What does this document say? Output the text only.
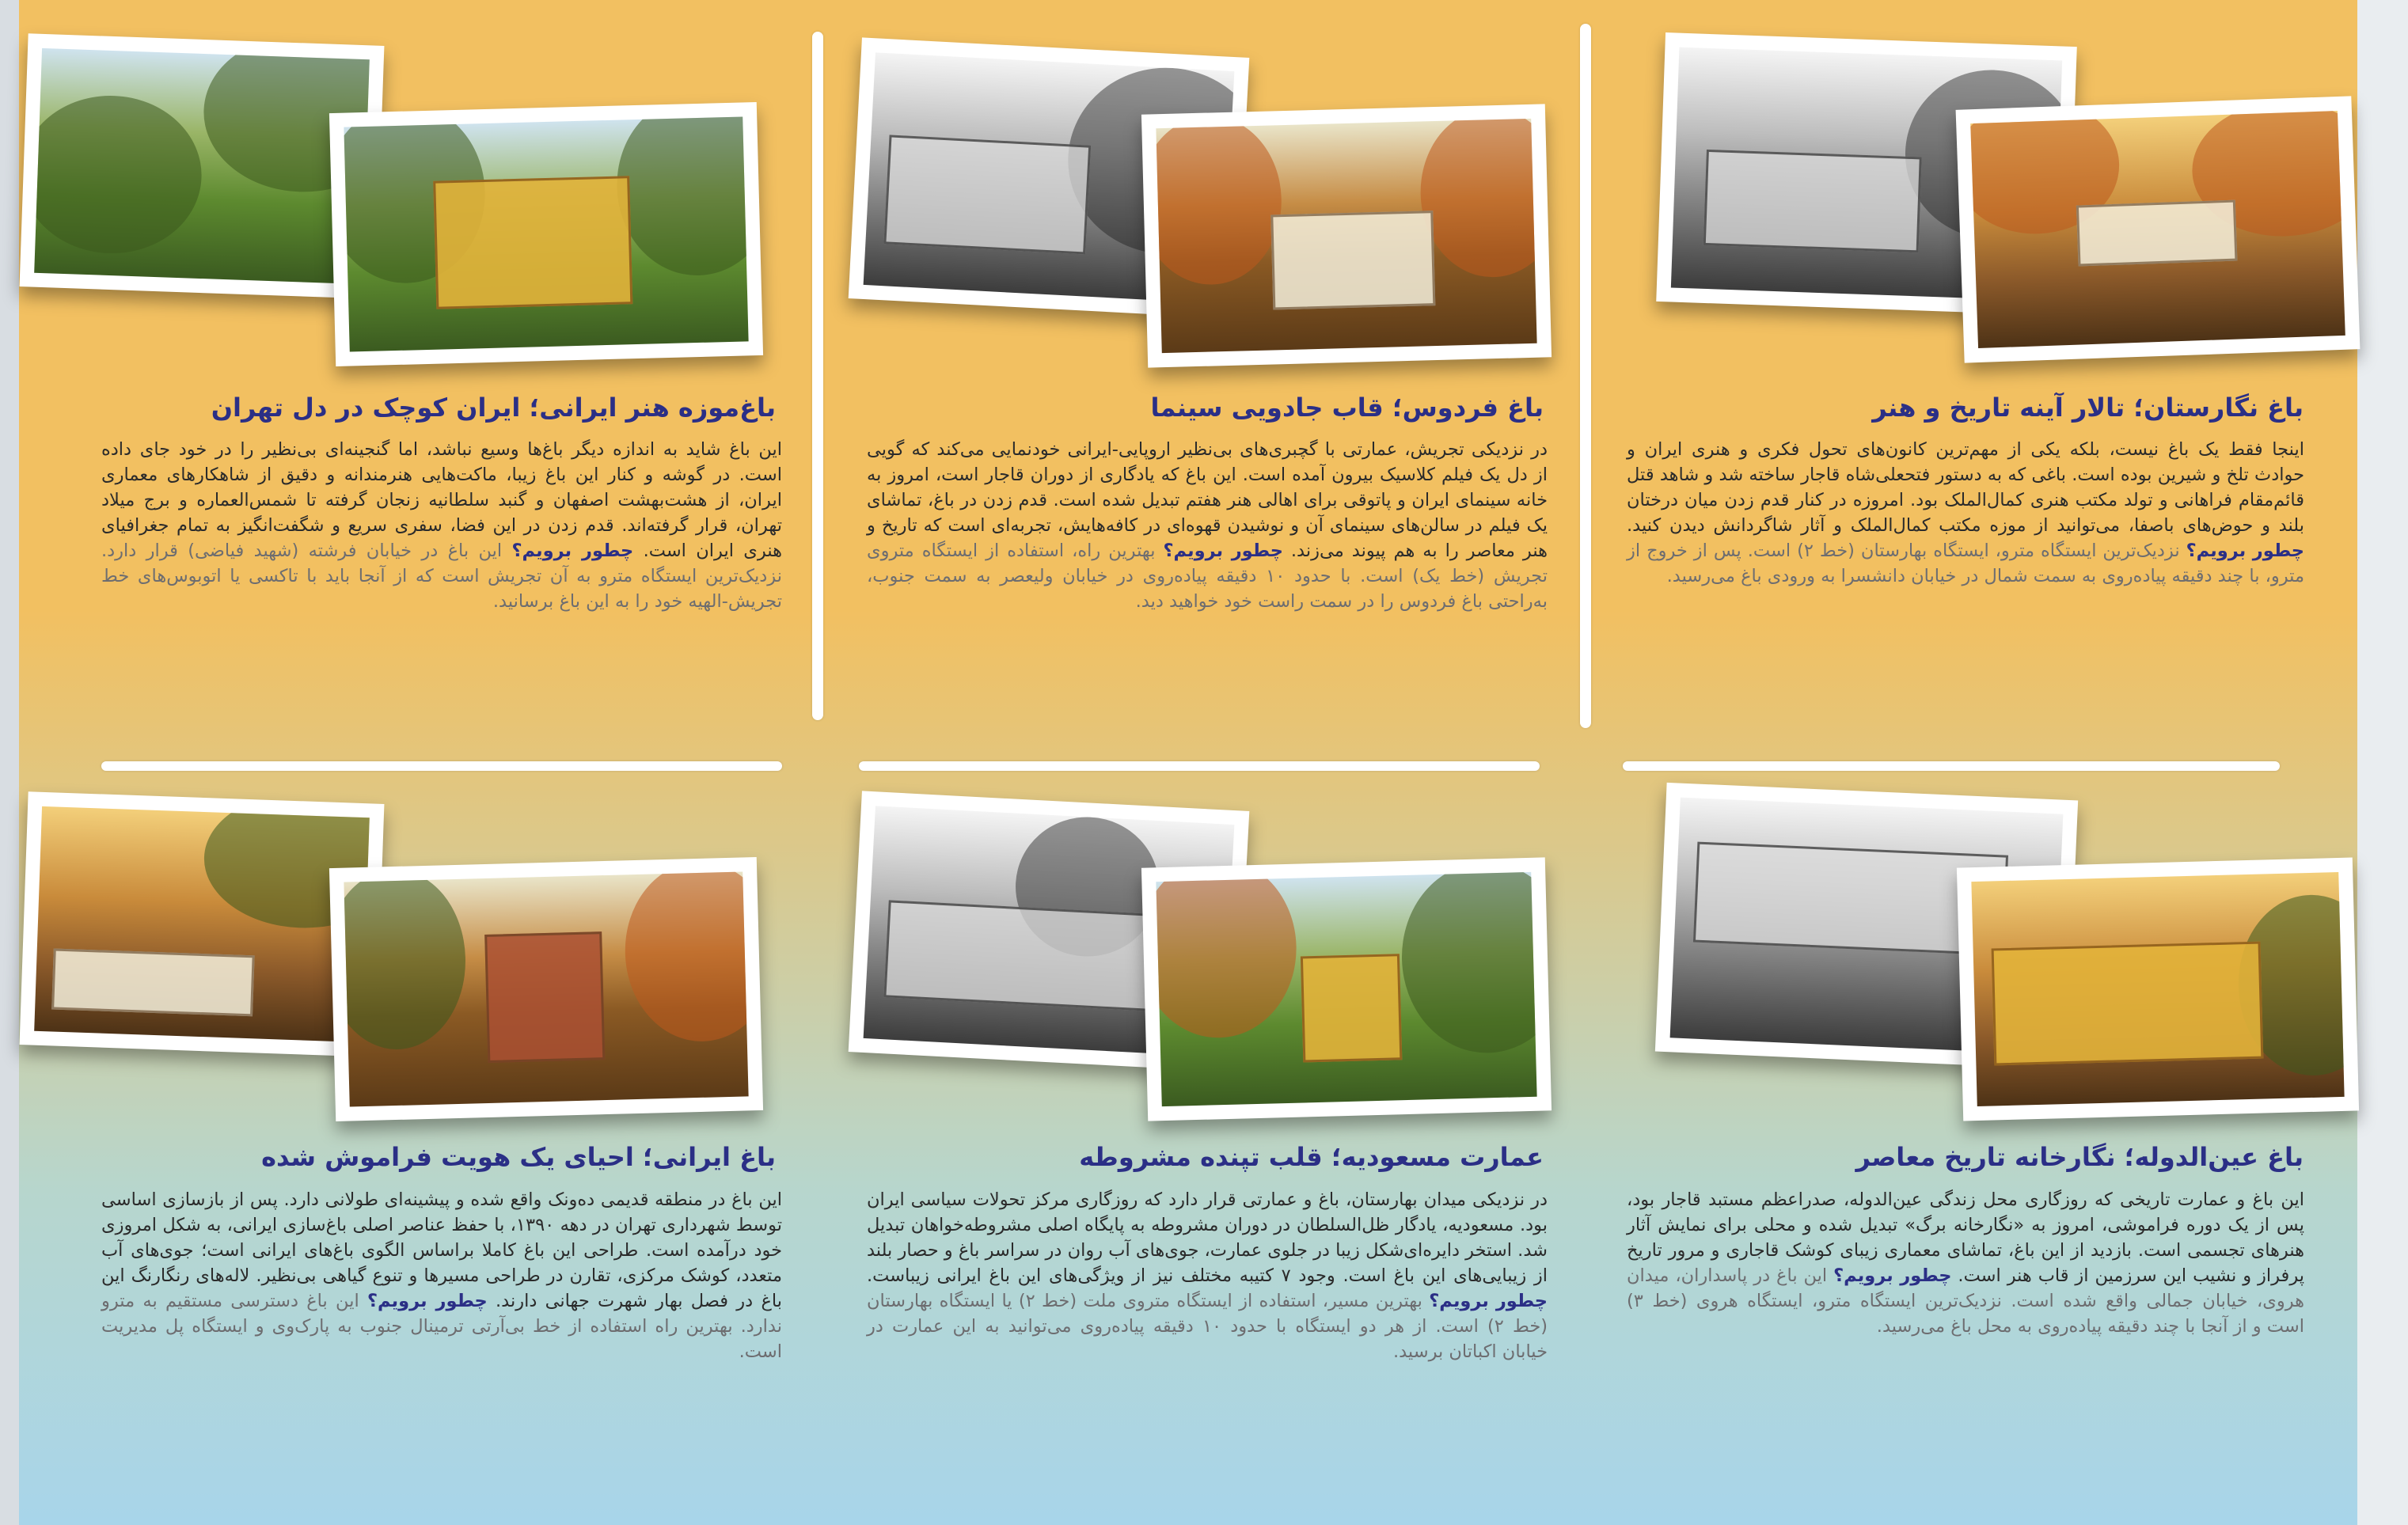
باغ نگارستان؛ تالار آینه تاریخ و هنر
اینجا فقط یک باغ نیست، بلکه یکی از مهم‌ترین کانون‌های تحول فکری و هنری ایران و حوادث تلخ و شیرین بوده است. باغی که به دستور فتحعلی‌شاه قاجار ساخته شد و شاهد قتل قائم‌مقام فراهانی و تولد مکتب هنری کمال‌الملک بود. امروزه در کنار قدم زدن میان درختان بلند و حوض‌های باصفا، می‌توانید از موزه مکتب کمال‌الملک و آثار شاگردانش دیدن کنید. چطور برویم؟ نزدیک‌ترین ایستگاه مترو، ایستگاه بهارستان (خط ۲) است. پس از خروج از مترو، با چند دقیقه پیاده‌روی به سمت شمال در خیابان دانشسرا به ورودی باغ می‌رسید.
باغ فردوس؛ قاب جادویی سینما
در نزدیکی تجریش، عمارتی با گچبری‌های بی‌نظیر اروپایی-ایرانی خودنمایی می‌کند که گویی از دل یک فیلم کلاسیک بیرون آمده است. این باغ که یادگاری از دوران قاجار است، امروز به خانه سینمای ایران و پاتوقی برای اهالی هنر هفتم تبدیل شده است. قدم زدن در باغ، تماشای یک فیلم در سالن‌های سینمای آن و نوشیدن قهوه‌ای در کافه‌هایش، تجربه‌ای است که تاریخ و هنر معاصر را به هم پیوند می‌زند. چطور برویم؟ بهترین راه، استفاده از ایستگاه متروی تجریش (خط یک) است. با حدود ۱۰ دقیقه پیاده‌روی در خیابان ولیعصر به سمت جنوب، به‌راحتی باغ فردوس را در سمت راست خود خواهید دید.
باغ‌موزه هنر ایرانی؛ ایران کوچک در دل تهران
این باغ شاید به اندازه دیگر باغ‌ها وسیع نباشد، اما گنجینه‌ای بی‌نظیر را در خود جای داده است. در گوشه و کنار این باغ زیبا، ماکت‌هایی هنرمندانه و دقیق از شاهکارهای معماری ایران، از هشت‌بهشت اصفهان و گنبد سلطانیه زنجان گرفته تا شمس‌العماره و برج میلاد تهران، قرار گرفته‌اند. قدم زدن در این فضا، سفری سریع و شگفت‌انگیز به تمام جغرافیای هنری ایران است. چطور برویم؟ این باغ در خیابان فرشته (شهید فیاضی) قرار دارد. نزدیک‌ترین ایستگاه مترو به آن تجریش است که از آنجا باید با تاکسی یا اتوبوس‌های خط تجریش-الهیه خود را به این باغ برسانید.
باغ عین‌الدوله؛ نگارخانه تاریخ معاصر
این باغ و عمارت تاریخی که روزگاری محل زندگی عین‌الدوله، صدراعظم مستبد قاجار بود، پس از یک دوره فراموشی، امروز به «نگارخانه برگ» تبدیل شده و محلی برای نمایش آثار هنرهای تجسمی است. بازدید از این باغ، تماشای معماری زیبای کوشک قاجاری و مرور تاریخ پرفراز و نشیب این سرزمین از قاب هنر است. چطور برویم؟ این باغ در پاسداران، میدان هروی، خیابان جمالی واقع شده است. نزدیک‌ترین ایستگاه مترو، ایستگاه هروی (خط ۳) است و از آنجا با چند دقیقه پیاده‌روی به محل باغ می‌رسید.
عمارت مسعودیه؛ قلب تپنده مشروطه
در نزدیکی میدان بهارستان، باغ و عمارتی قرار دارد که روزگاری مرکز تحولات سیاسی ایران بود. مسعودیه، یادگار ظل‌السلطان در دوران مشروطه به پایگاه اصلی مشروطه‌خواهان تبدیل شد. استخر دایره‌ای‌شکل زیبا در جلوی عمارت، جوی‌های آب روان در سراسر باغ و حصار بلند از زیبایی‌های این باغ است. وجود ۷ کتیبه مختلف نیز از ویژگی‌های این باغ ایرانی زیباست. چطور برویم؟ بهترین مسیر، استفاده از ایستگاه متروی ملت (خط ۲) یا ایستگاه بهارستان (خط ۲) است. از هر دو ایستگاه با حدود ۱۰ دقیقه پیاده‌روی می‌توانید به این عمارت در خیابان اکباتان برسید.
باغ ایرانی؛ احیای یک هویت فراموش شده
این باغ در منطقه قدیمی ده‌ونک واقع شده و پیشینه‌ای طولانی دارد. پس از بازسازی اساسی توسط شهرداری تهران در دهه ۱۳۹۰، با حفظ عناصر اصلی باغ‌سازی ایرانی، به شکل امروزی خود درآمده است. طراحی این باغ کاملا براساس الگوی باغ‌های ایرانی است؛ جوی‌های آب متعدد، کوشک مرکزی، تقارن در طراحی مسیرها و تنوع گیاهی بی‌نظیر. لاله‌های رنگارنگ این باغ در فصل بهار شهرت جهانی دارند. چطور برویم؟ این باغ دسترسی مستقیم به مترو ندارد. بهترین راه استفاده از خط بی‌آرتی ترمینال جنوب به پارک‌وی و ایستگاه پل مدیریت است.
